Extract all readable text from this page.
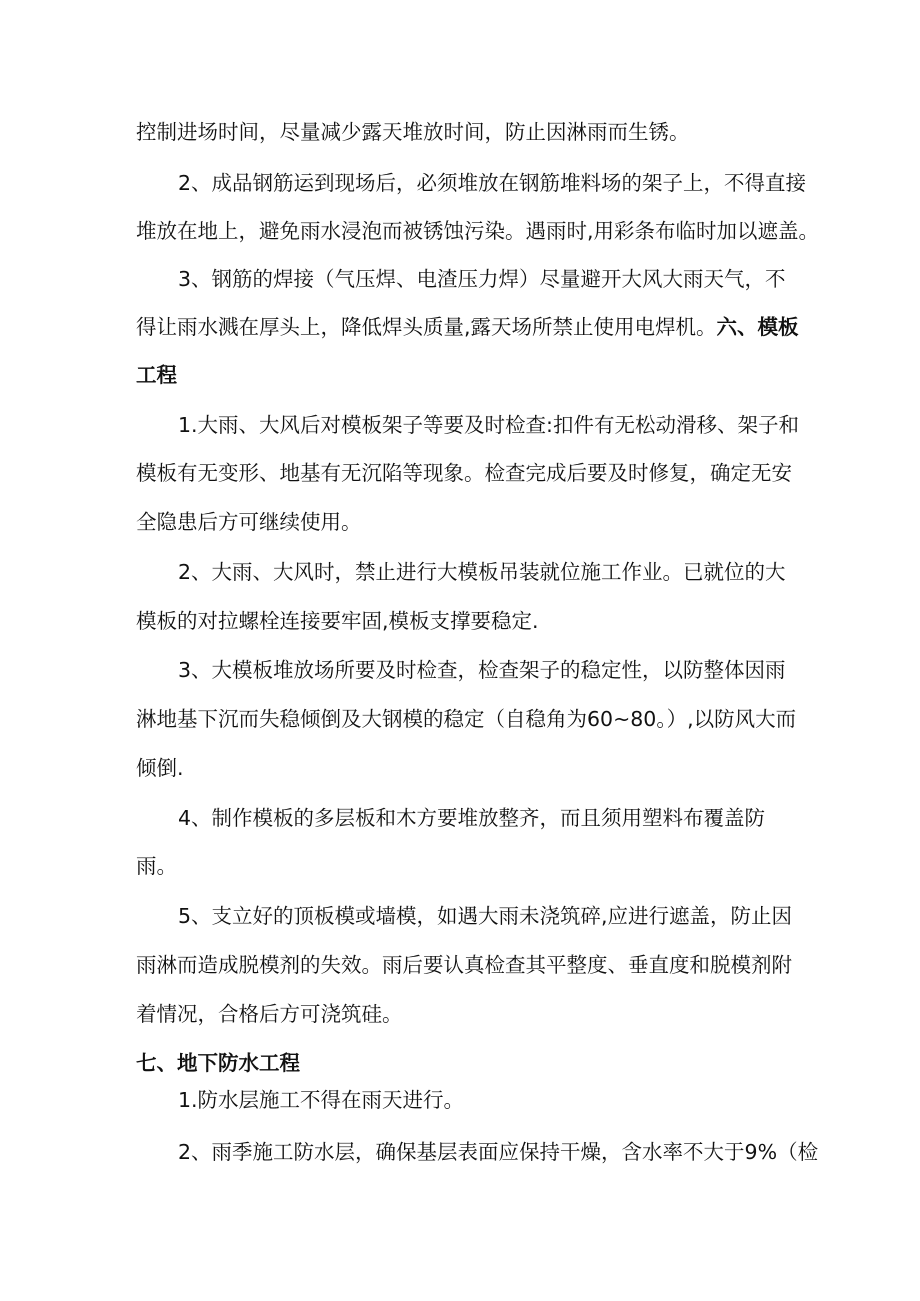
控制进场时间，尽量减少露天堆放时间，防止因淋雨而生锈。
2、成品钢筋运到现场后，必须堆放在钢筋堆料场的架子上，不得直接
堆放在地上，避免雨水浸泡而被锈蚀污染。遇雨时,用彩条布临时加以遮盖。
3、钢筋的焊接（气压焊、电渣压力焊）尽量避开大风大雨天气，不
得让雨水溅在厚头上，降低焊头质量,露天场所禁止使用电焊机。六、模板
工程
1.大雨、大风后对模板架子等要及时检查:扣件有无松动滑移、架子和
模板有无变形、地基有无沉陷等现象。检查完成后要及时修复，确定无安
全隐患后方可继续使用。
2、大雨、大风时，禁止进行大模板吊装就位施工作业。已就位的大
模板的对拉螺栓连接要牢固,模板支撑要稳定.
3、大模板堆放场所要及时检查，检查架子的稳定性，以防整体因雨
淋地基下沉而失稳倾倒及大钢模的稳定（自稳角为60~80。）,以防风大而
倾倒.
4、制作模板的多层板和木方要堆放整齐，而且须用塑料布覆盖防
雨。
5、支立好的顶板模或墙模，如遇大雨未浇筑碎,应进行遮盖，防止因
雨淋而造成脱模剂的失效。雨后要认真检查其平整度、垂直度和脱模剂附
着情况，合格后方可浇筑硅。
七、地下防水工程
1.防水层施工不得在雨天进行。
2、雨季施工防水层，确保基层表面应保持干燥，含水率不大于9%（检
